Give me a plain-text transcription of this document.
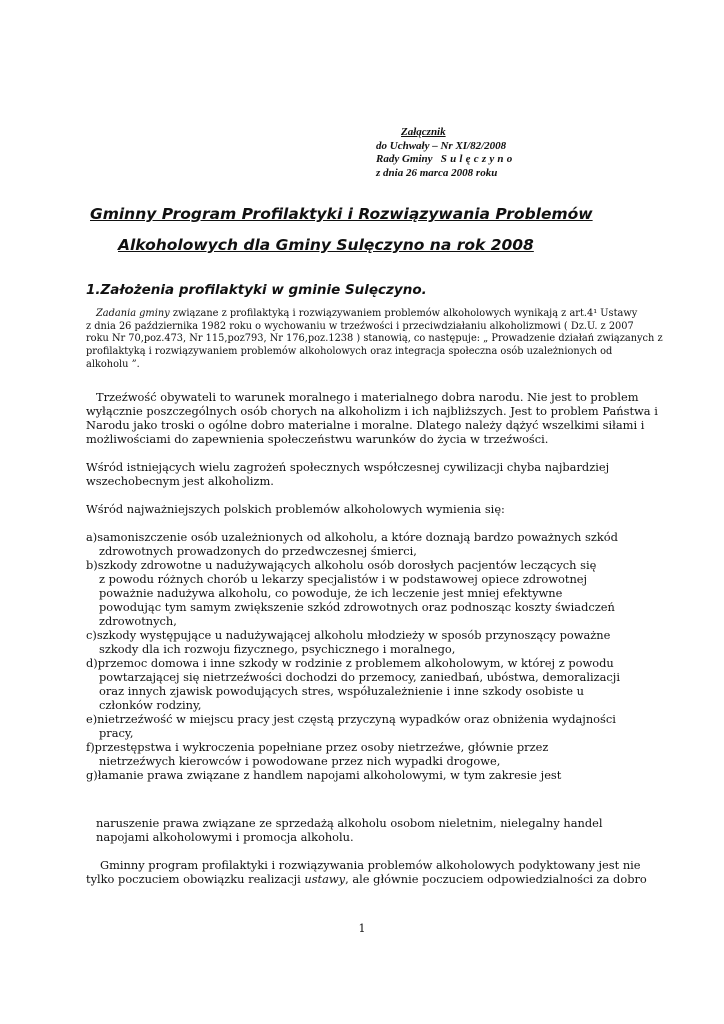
Załącznik
do Uchwały – Nr XI/82/2008
Rady Gminy   Sulęczyno
z dnia 26 marca 2008 roku
Gminny Program Profilaktyki i Rozwiązywania Problemów
Alkoholowych dla Gminy Sulęczyno na rok 2008
1.Założenia profilaktyki w gminie Sulęczyno.
Zadania gminy związane z profilaktyką i rozwiązywaniem problemów alkoholowych wynikają z art.4¹ Ustawy
z dnia 26 października 1982 roku o wychowaniu w trzeźwości i przeciwdziałaniu alkoholizmowi ( Dz.U. z 2007
roku Nr 70,poz.473, Nr 115,poz793, Nr 176,poz.1238 ) stanowią, co następuje: „ Prowadzenie działań związanych z
profilaktyką i rozwiązywaniem problemów alkoholowych oraz integracja społeczna osób uzależnionych od
alkoholu ”.
Trzeźwość obywateli to warunek moralnego i materialnego dobra narodu. Nie jest to problem
wyłącznie poszczególnych osób chorych na alkoholizm i ich najbliższych. Jest to problem Państwa i
Narodu jako troski o ogólne dobro materialne i moralne. Dlatego należy dążyć wszelkimi siłami i
możliwościami do zapewnienia społeczeństwu warunków do życia w trzeźwości.
Wśród istniejących wielu zagrożeń społecznych współczesnej cywilizacji chyba najbardziej
wszechobecnym jest alkoholizm.
Wśród najważniejszych polskich problemów alkoholowych wymienia się:
a)samoniszczenie osób uzależnionych od alkoholu, a które doznają bardzo poważnych szkód
zdrowotnych prowadzonych do przedwczesnej śmierci,
b)szkody zdrowotne u nadużywających alkoholu osób dorosłych pacjentów leczących się
z powodu różnych chorób u lekarzy specjalistów i w podstawowej opiece zdrowotnej
poważnie nadużywa alkoholu, co powoduje, że ich leczenie jest mniej efektywne
powodując tym samym zwiększenie szkód zdrowotnych oraz podnosząc koszty świadczeń
zdrowotnych,
c)szkody występujące u nadużywającej alkoholu młodzieży w sposób przynoszący poważne
szkody dla ich rozwoju fizycznego, psychicznego i moralnego,
d)przemoc domowa i inne szkody w rodzinie z problemem alkoholowym, w której z powodu
powtarzającej się nietrzeźwości dochodzi do przemocy, zaniedbań, ubóstwa, demoralizacji
oraz innych zjawisk powodujących stres, współuzależnienie i inne szkody osobiste u
członków rodziny,
e)nietrzeźwość w miejscu pracy jest częstą przyczyną wypadków oraz obniżenia wydajności
pracy,
f)przestępstwa i wykroczenia popełniane przez osoby nietrzeźwe, głównie przez
nietrzeźwych kierowców i powodowane przez nich wypadki drogowe,
g)łamanie prawa związane z handlem napojami alkoholowymi, w tym zakresie jest
naruszenie prawa związane ze sprzedażą alkoholu osobom nieletnim, nielegalny handel
napojami alkoholowymi i promocja alkoholu.
Gminny program profilaktyki i rozwiązywania problemów alkoholowych podyktowany jest nie
tylko poczuciem obowiązku realizacji ustawy, ale głównie poczuciem odpowiedzialności za dobro
1
